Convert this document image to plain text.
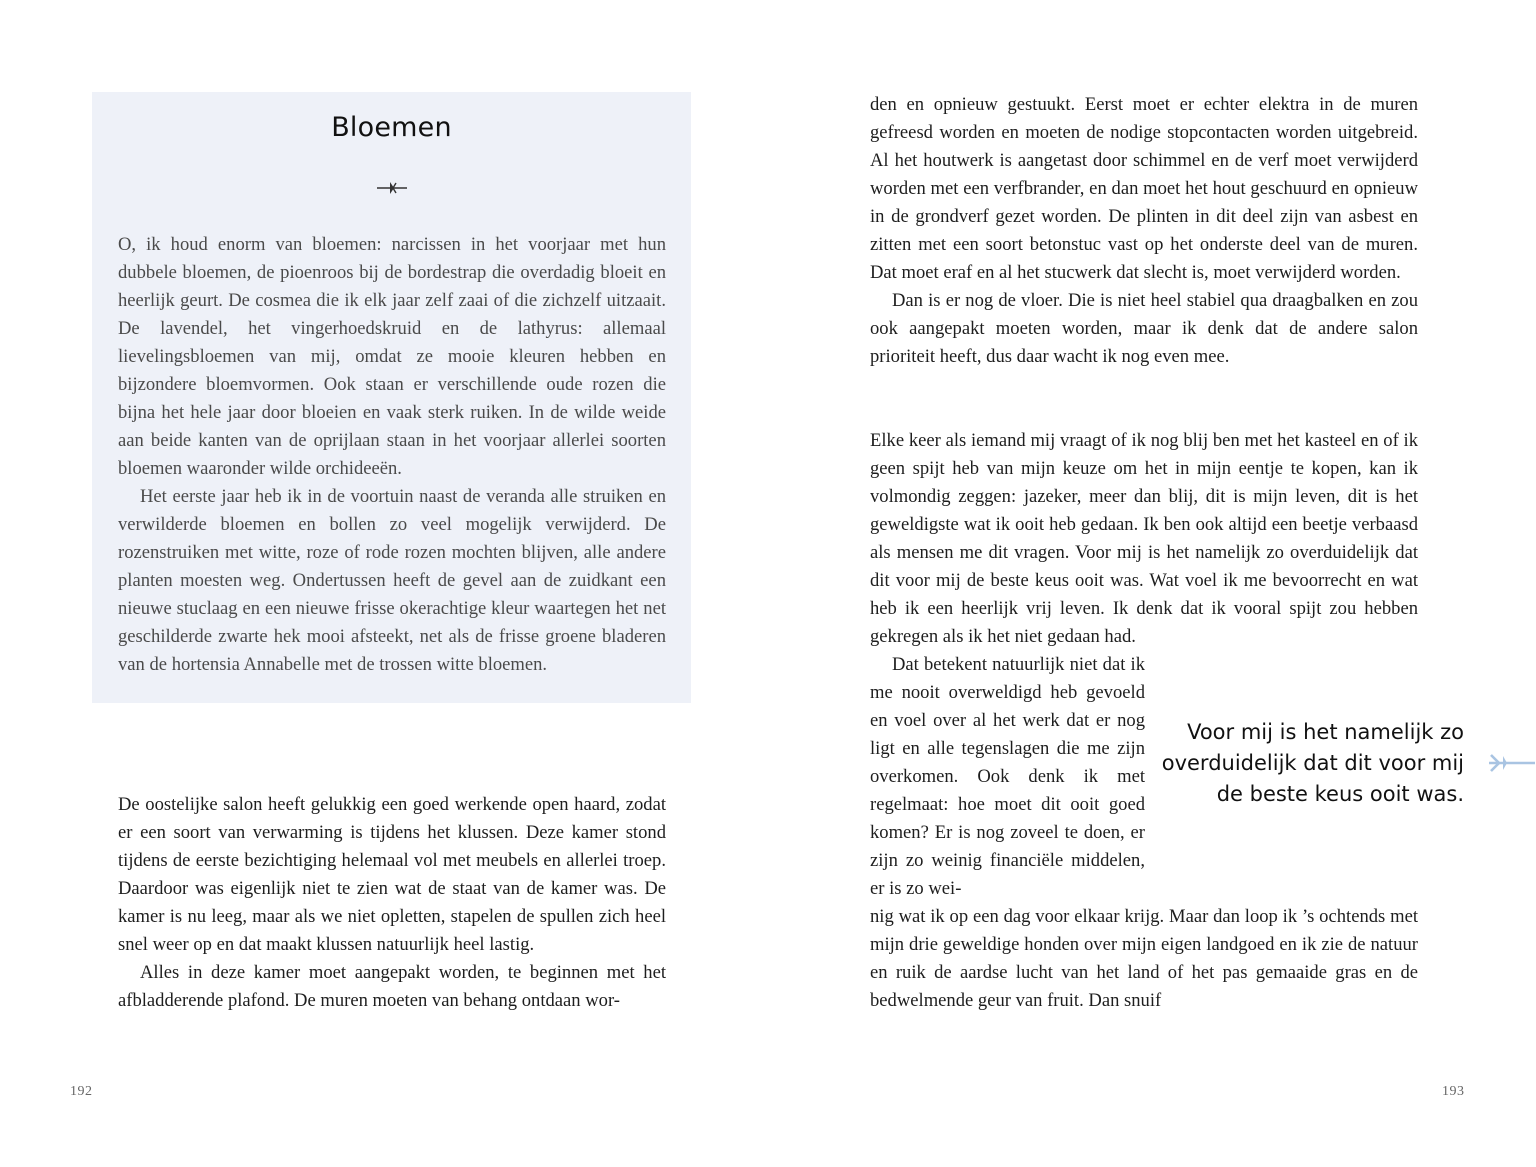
Bloemen

O, ik houd enorm van bloemen: narcissen in het voorjaar met hun dubbele bloemen, de pioenroos bij de bordestrap die overdadig bloeit en heerlijk geurt. De cosmea die ik elk jaar zelf zaai of die zichzelf uitzaait. De lavendel, het vingerhoedskruid en de lathyrus: allemaal lievelingsbloemen van mij, omdat ze mooie kleuren hebben en bijzondere bloemvormen. Ook staan er verschillende oude rozen die bijna het hele jaar door bloeien en vaak sterk ruiken. In de wilde weide aan beide kanten van de oprijlaan staan in het voorjaar allerlei soorten bloemen waaronder wilde orchideeën.

Het eerste jaar heb ik in de voortuin naast de veranda alle struiken en verwilderde bloemen en bollen zo veel mogelijk verwijderd. De rozenstruiken met witte, roze of rode rozen mochten blijven, alle andere planten moesten weg. Ondertussen heeft de gevel aan de zuidkant een nieuwe stuclaag en een nieuwe frisse okerachtige kleur waartegen het net geschilderde zwarte hek mooi afsteekt, net als de frisse groene bladeren van de hortensia Annabelle met de trossen witte bloemen.

De oostelijke salon heeft gelukkig een goed werkende open haard, zodat er een soort van verwarming is tijdens het klussen. Deze kamer stond tijdens de eerste bezichtiging helemaal vol met meubels en allerlei troep. Daardoor was eigenlijk niet te zien wat de staat van de kamer was. De kamer is nu leeg, maar als we niet opletten, stapelen de spullen zich heel snel weer op en dat maakt klussen natuurlijk heel lastig.

Alles in deze kamer moet aangepakt worden, te beginnen met het afbladderende plafond. De muren moeten van behang ontdaan wor-

192

den en opnieuw gestuukt. Eerst moet er echter elektra in de muren gefreesd worden en moeten de nodige stopcontacten worden uitgebreid. Al het houtwerk is aangetast door schimmel en de verf moet verwijderd worden met een verfbrander, en dan moet het hout geschuurd en opnieuw in de grondverf gezet worden. De plinten in dit deel zijn van asbest en zitten met een soort betonstuc vast op het onderste deel van de muren. Dat moet eraf en al het stucwerk dat slecht is, moet verwijderd worden.

Dan is er nog de vloer. Die is niet heel stabiel qua draagbalken en zou ook aangepakt moeten worden, maar ik denk dat de andere salon prioriteit heeft, dus daar wacht ik nog even mee.

Elke keer als iemand mij vraagt of ik nog blij ben met het kasteel en of ik geen spijt heb van mijn keuze om het in mijn eentje te kopen, kan ik volmondig zeggen: jazeker, meer dan blij, dit is mijn leven, dit is het geweldigste wat ik ooit heb gedaan. Ik ben ook altijd een beetje verbaasd als mensen me dit vragen. Voor mij is het namelijk zo overduidelijk dat dit voor mij de beste keus ooit was. Wat voel ik me bevoorrecht en wat heb ik een heerlijk vrij leven. Ik denk dat ik vooral spijt zou hebben gekregen als ik het niet gedaan had.

Dat betekent natuurlijk niet dat ik me nooit overweldigd heb gevoeld en voel over al het werk dat er nog ligt en alle tegenslagen die me zijn overkomen. Ook denk ik met regelmaat: hoe moet dit ooit goed komen? Er is nog zoveel te doen, er zijn zo weinig financiële middelen, er is zo wei-

Voor mij is het namelijk zo overduidelijk dat dit voor mij de beste keus ooit was.

nig wat ik op een dag voor elkaar krijg. Maar dan loop ik ’s ochtends met mijn drie geweldige honden over mijn eigen landgoed en ik zie de natuur en ruik de aardse lucht van het land of het pas gemaaide gras en de bedwelmende geur van fruit. Dan snuif

193
